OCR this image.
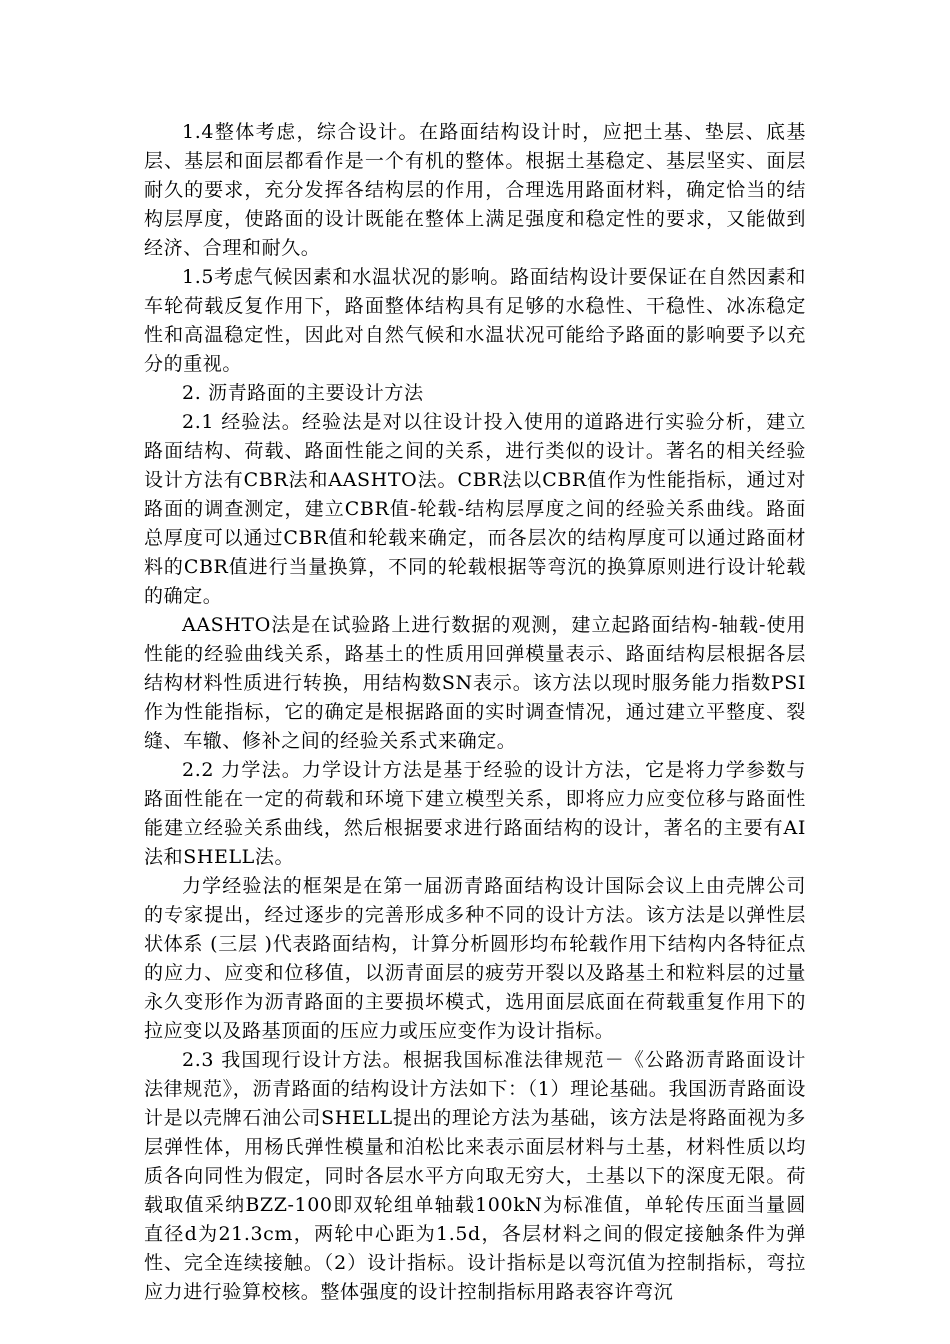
1.4整体考虑，综合设计。在路面结构设计时，应把土基、垫层、底基层、基层和面层都看作是一个有机的整体。根据土基稳定、基层坚实、面层耐久的要求，充分发挥各结构层的作用，合理选用路面材料，确定恰当的结构层厚度，使路面的设计既能在整体上满足强度和稳定性的要求，又能做到经济、合理和耐久。

1.5考虑气候因素和水温状况的影响。路面结构设计要保证在自然因素和车轮荷载反复作用下，路面整体结构具有足够的水稳性、干稳性、冰冻稳定性和高温稳定性，因此对自然气候和水温状况可能给予路面的影响要予以充分的重视。

2. 沥青路面的主要设计方法

2.1 经验法。经验法是对以往设计投入使用的道路进行实验分析，建立路面结构、荷载、路面性能之间的关系，进行类似的设计。著名的相关经验设计方法有CBR法和AASHTO法。CBR法以CBR值作为性能指标，通过对路面的调查测定，建立CBR值-轮载-结构层厚度之间的经验关系曲线。路面总厚度可以通过CBR值和轮载来确定，而各层次的结构厚度可以通过路面材料的CBR值进行当量换算，不同的轮载根据等弯沉的换算原则进行设计轮载的确定。

AASHTO法是在试验路上进行数据的观测，建立起路面结构-轴载-使用性能的经验曲线关系，路基土的性质用回弹模量表示、路面结构层根据各层结构材料性质进行转换，用结构数SN表示。该方法以现时服务能力指数PSI作为性能指标，它的确定是根据路面的实时调查情况，通过建立平整度、裂缝、车辙、修补之间的经验关系式来确定。

2.2 力学法。力学设计方法是基于经验的设计方法，它是将力学参数与路面性能在一定的荷载和环境下建立模型关系，即将应力应变位移与路面性能建立经验关系曲线，然后根据要求进行路面结构的设计，著名的主要有AI法和SHELL法。

力学经验法的框架是在第一届沥青路面结构设计国际会议上由壳牌公司的专家提出，经过逐步的完善形成多种不同的设计方法。该方法是以弹性层状体系 (三层 )代表路面结构，计算分析圆形均布轮载作用下结构内各特征点的应力、应变和位移值，以沥青面层的疲劳开裂以及路基土和粒料层的过量永久变形作为沥青路面的主要损坏模式，选用面层底面在荷载重复作用下的拉应变以及路基顶面的压应力或压应变作为设计指标。

2.3 我国现行设计方法。根据我国标准法律规范－《公路沥青路面设计法律规范》，沥青路面的结构设计方法如下：（1）理论基础。我国沥青路面设计是以壳牌石油公司SHELL提出的理论方法为基础，该方法是将路面视为多层弹性体，用杨氏弹性模量和泊松比来表示面层材料与土基，材料性质以均质各向同性为假定，同时各层水平方向取无穷大，土基以下的深度无限。荷载取值采纳BZZ-100即双轮组单轴载100kN为标准值，单轮传压面当量圆直径d为21.3cm，两轮中心距为1.5d，各层材料之间的假定接触条件为弹性、完全连续接触。（2）设计指标。设计指标是以弯沉值为控制指标，弯拉应力进行验算校核。整体强度的设计控制指标用路表容许弯沉
